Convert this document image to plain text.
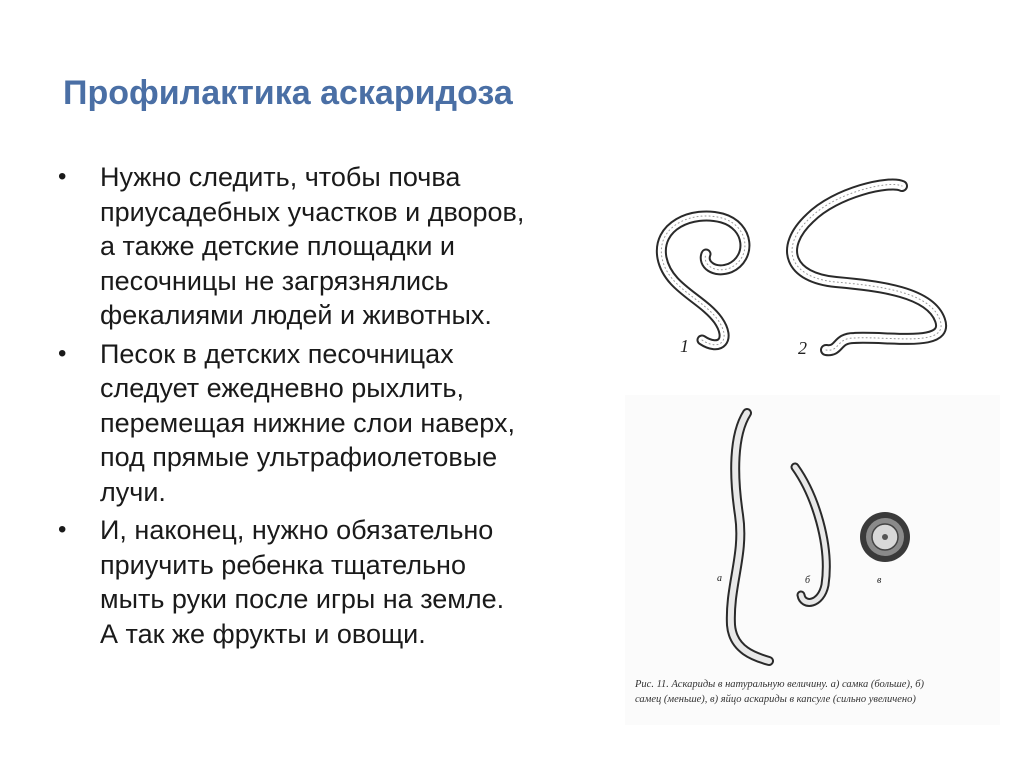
Профилактика аскаридоза
• Нужно следить, чтобы почва
приусадебных участков и дворов,
а также детские площадки и
песочницы не загрязнялись
фекалиями людей и животных.
• Песок в детских песочницах
следует ежедневно рыхлить,
перемещая нижние слои наверх,
под прямые ультрафиолетовые
лучи.
• И, наконец, нужно обязательно
приучить ребенка тщательно
мыть руки после игры на земле.
А так же фрукты и овощи.
1	2
а	б	в
Рис. 11. Аскариды в натуральную величину. а) самка (больше), б)
самец (меньше), в) яйцо аскариды в капсуле (сильно увеличено)
